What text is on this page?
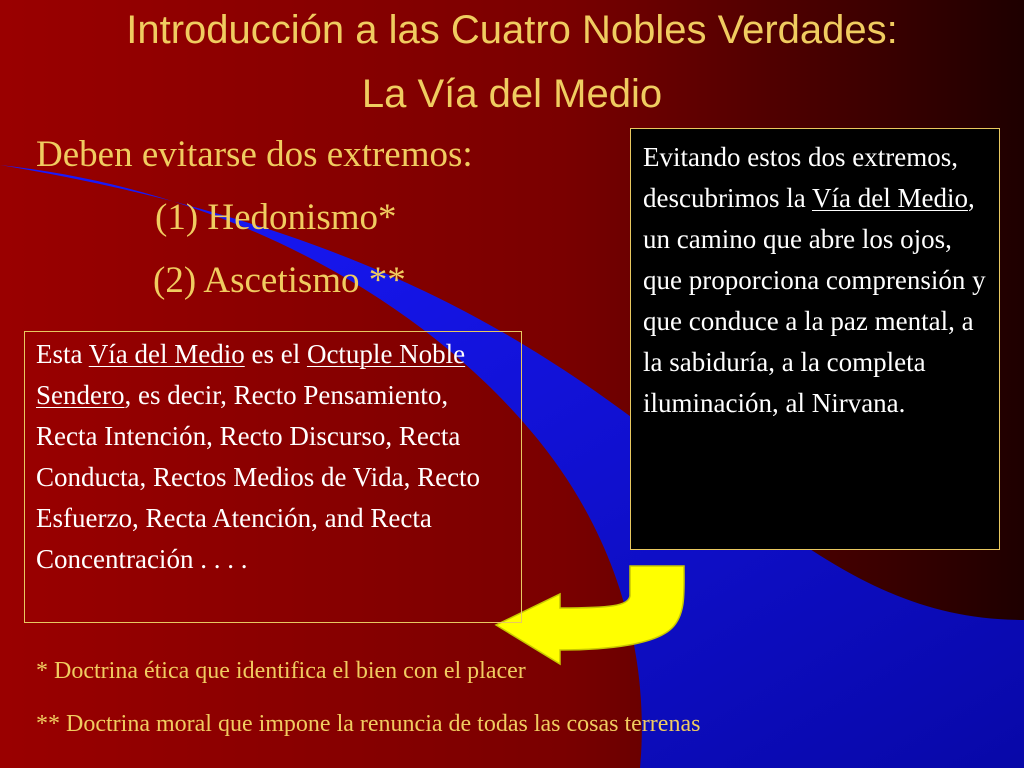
Introducción a las Cuatro Nobles Verdades:
La Vía del Medio

Deben evitarse dos extremos:

(1) Hedonismo*

(2) Ascetismo **

Esta Vía del Medio es el Octuple Noble Sendero, es decir, Recto Pensamiento, Recta Intención, Recto Discurso, Recta Conducta, Rectos Medios de Vida, Recto Esfuerzo, Recta Atención, and Recta Concentración . . . .

Evitando estos dos extremos, descubrimos la Vía del Medio, un camino que abre los ojos, que proporciona comprensión y que conduce a la paz mental, a la sabiduría, a la completa iluminación, al Nirvana.

* Doctrina ética que identifica el bien con el placer

** Doctrina moral que impone la renuncia de todas las cosas terrenas
